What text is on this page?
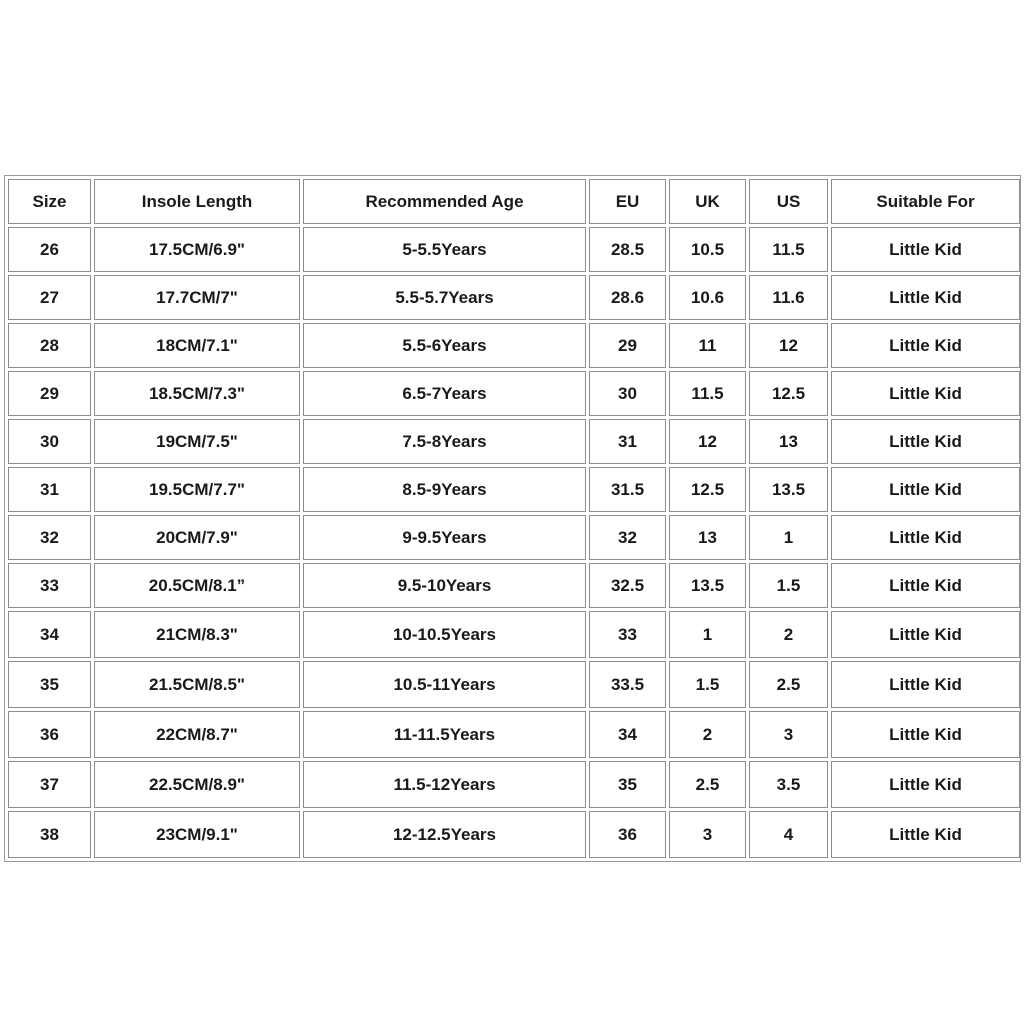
Size	Insole Length	Recommended Age	EU	UK	US	Suitable For
26	17.5CM/6.9"	5-5.5Years	28.5	10.5	11.5	Little Kid
27	17.7CM/7"	5.5-5.7Years	28.6	10.6	11.6	Little Kid
28	18CM/7.1"	5.5-6Years	29	11	12	Little Kid
29	18.5CM/7.3"	6.5-7Years	30	11.5	12.5	Little Kid
30	19CM/7.5"	7.5-8Years	31	12	13	Little Kid
31	19.5CM/7.7"	8.5-9Years	31.5	12.5	13.5	Little Kid
32	20CM/7.9"	9-9.5Years	32	13	1	Little Kid
33	20.5CM/8.1”	9.5-10Years	32.5	13.5	1.5	Little Kid
34	21CM/8.3"	10-10.5Years	33	1	2	Little Kid
35	21.5CM/8.5"	10.5-11Years	33.5	1.5	2.5	Little Kid
36	22CM/8.7"	11-11.5Years	34	2	3	Little Kid
37	22.5CM/8.9"	11.5-12Years	35	2.5	3.5	Little Kid
38	23CM/9.1"	12-12.5Years	36	3	4	Little Kid
